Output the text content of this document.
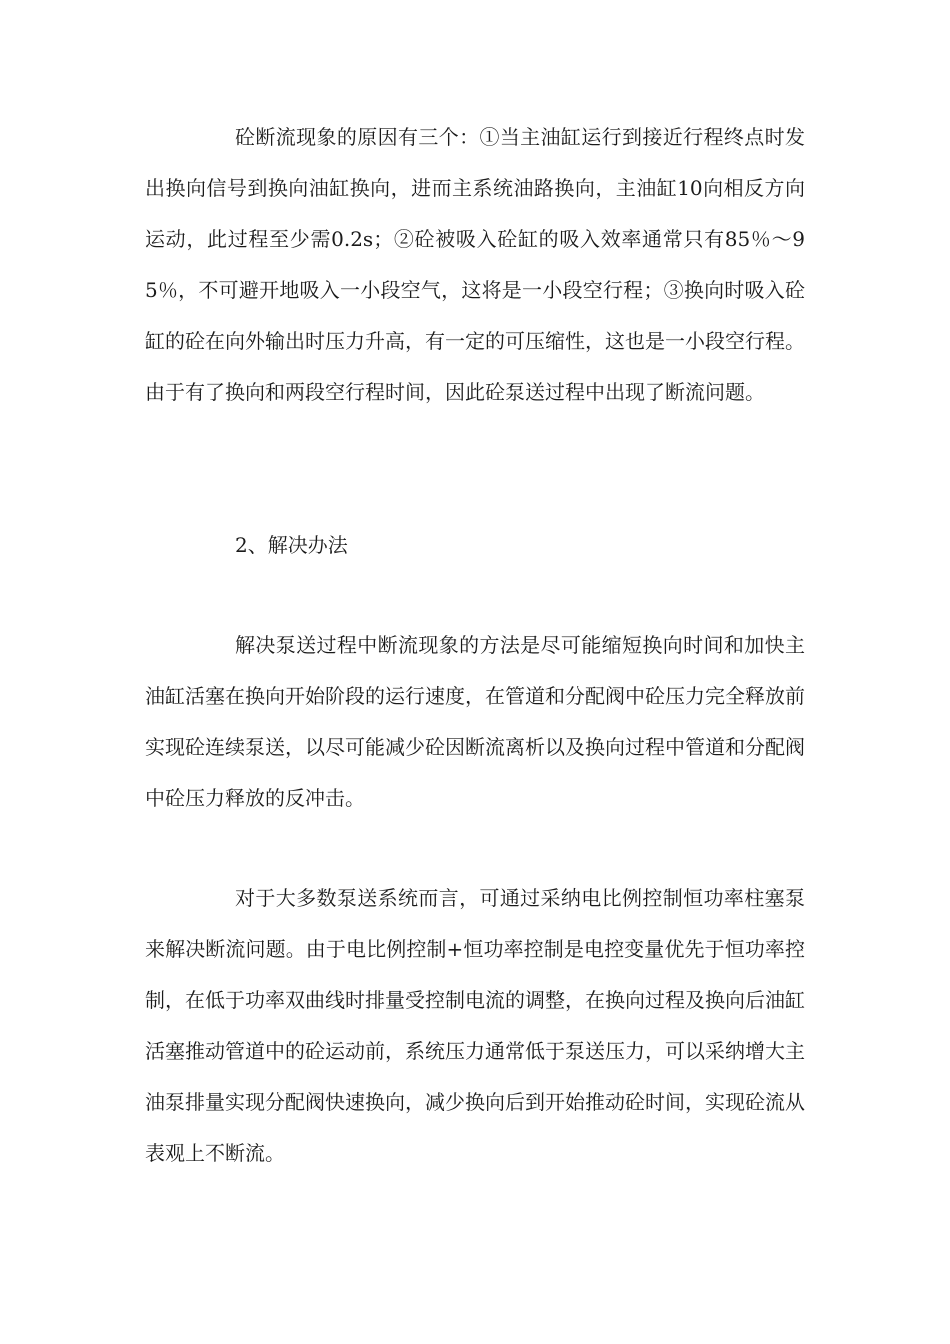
砼断流现象的原因有三个：①当主油缸运行到接近行程终点时发出换向信号到换向油缸换向，进而主系统油路换向，主油缸10向相反方向运动，此过程至少需0.2s；②砼被吸入砼缸的吸入效率通常只有85％～95％，不可避开地吸入一小段空气，这将是一小段空行程；③换向时吸入砼缸的砼在向外输出时压力升高，有一定的可压缩性，这也是一小段空行程。由于有了换向和两段空行程时间，因此砼泵送过程中出现了断流问题。

2、解决办法

解决泵送过程中断流现象的方法是尽可能缩短换向时间和加快主油缸活塞在换向开始阶段的运行速度，在管道和分配阀中砼压力完全释放前实现砼连续泵送，以尽可能减少砼因断流离析以及换向过程中管道和分配阀中砼压力释放的反冲击。

对于大多数泵送系统而言，可通过采纳电比例控制恒功率柱塞泵来解决断流问题。由于电比例控制+恒功率控制是电控变量优先于恒功率控制，在低于功率双曲线时排量受控制电流的调整，在换向过程及换向后油缸活塞推动管道中的砼运动前，系统压力通常低于泵送压力，可以采纳增大主油泵排量实现分配阀快速换向，减少换向后到开始推动砼时间，实现砼流从表观上不断流。
